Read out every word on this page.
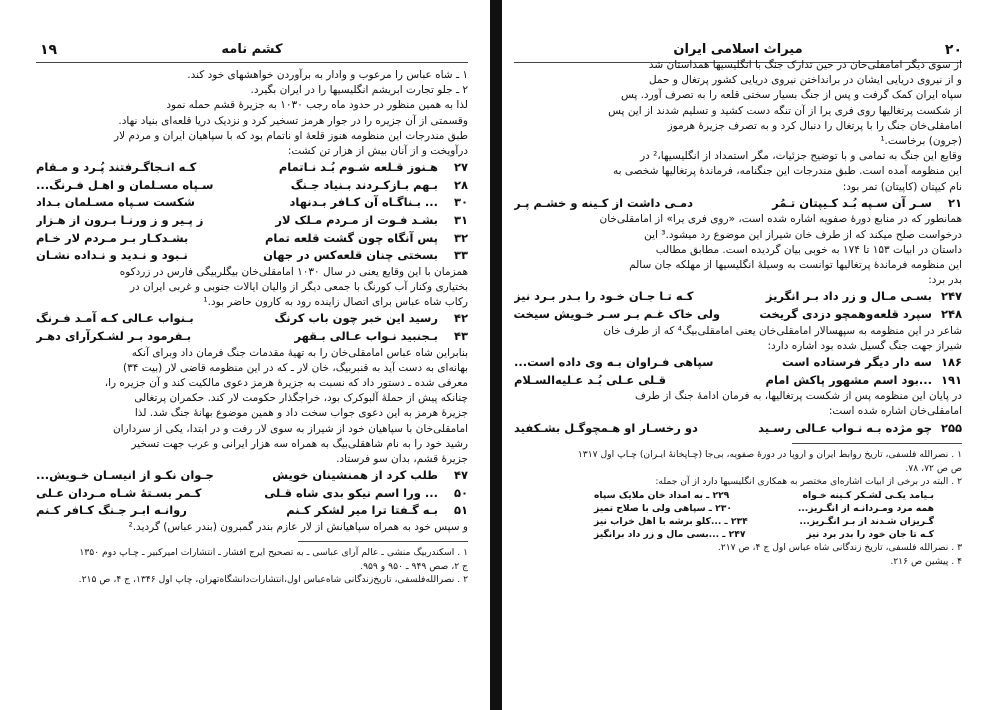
۱۹	کشم نامه

۱ ـ شاه عباس را مرعوب و وادار به برآوردن خواهشهای خود کند.

۲ ـ جلو تجارت ابریشم انگلیسیها را در ایران بگیرد.

لذا به همین منظور در حدود ماه رجب ۱۰۳۰ به جزیرهٔ قشم حمله نمود

وقسمتی از آن جزیره را در جوار هرمز تسخیر کرد و نزدیک دریا قلعه‌ای بنیاد نهاد.

طبق مندرجات این منظومه هنوز قلعهٔ او ناتمام بود که با سپاهیان ایران و مردم لار

درآویخت و از آنان بیش از هزار تن کشت:

۲۷هـنوز قـلعه شـوم بُـد نـاتمام
کـه انـجاگـرفتند پُـرد و مـقام
۲۸بـهم بـازکـردند بـنیاد جـنگ
سـپاه مسـلمان و اهـل فـرنگ...
۳۰... بـناگـاه آن کـافر بـدنهاد
شکست سـپاه مسـلمان بـداد
۳۱بشـد فـوت از مـردم مـلک لار
ز پـیر و ز ورنـا بـرون از هـزار
۳۲پس آنگاه چون گشت قلعه تمام
بشـدکـار بـر مـردم لار خـام
۳۳بسختی چنان قلعه‌کس در جهان
نـبود و نـدید و نـداده نشـان

همزمان با این وقایع یعنی در سال ۱۰۳۰ امامقلی‌خان بیگلربیگی فارس در زردکوه

بختیاری وکنار آب کورنگ با جمعی دیگر از والیان ایالات جنوبی و غربی ایران در

رکاب شاه عباس برای اتصال زاینده رود به کارون حاضر بود.¹

۴۲رسید این خبر چون باب کرنگ
بـنواب عـالی کـه آمـد فـرنگ
۴۳بـجنبید نـواب عـالی بـقهر
بـفرمود بـر لشـکرآرای دهـر

بنابراین شاه عباس امامقلی‌خان را به تهیهٔ مقدمات جنگ فرمان داد وبرای آنکه

بهانه‌ای به دست آید به قنبربیگ، خان لار ـ که در این منظومه قاضی لار (بیت ۳۴)

معرفی شده ـ دستور داد که نسبت به جزیرهٔ هرمز دعوی مالکیت کند و آن جزیره را،

چنانکه پیش از حملهٔ آلبوکرک بود، خراجگذار حکومت لار کند. حکمران پرتغالی

جزیرهٔ هرمز به این دعوی جواب سخت داد و همین موضوع بهانهٔ جنگ شد. لذا

امامقلی‌خان با سپاهیان خود از شیراز به سوی لار رفت و در ابتدا، یکی از سرداران

رشید خود را به نام شاهقلی‌بیگ به همراه سه هزار ایرانی و عرب جهت تسخیر

جزیرهٔ قشم، بدان سو فرستاد.

۴۷طلب کرد از همنشینان خویش
جـوان نکـو از انیسـان خـویش...
۵۰... ورا اسم نیکو بدی شاه قـلی
کـمر بسـتهٔ شـاه مـردان عـلی
۵۱بـه گـفتا ترا میر لشکر کـنم
روانـه ابـر جـنگ کـافر کـنم

و سپس خود به همراه سپاهیانش از لار عازم بندر گمبرون (بندر عباس) گردید.²

۱ . اسکندربیگ منشی ـ عالم آرای عباسی ـ به تصحیح ایرج افشار ـ انتشارات امیرکبیر ـ چـاپ دوم ۱۳۵۰

ج ۲، صص ۹۴۹ ـ ۹۵۰ و ۹۵۹.

۲ . نصرالله‌فلسفی، تاریخ‌زندگانی شاه‌عباس اول،انتشارات‌دانشگاه‌تهران، چاپ اول ۱۳۴۶، ج ۴، ص ۲۱۵.

۲۰
میراث اسلامی ایران

از سوی دیگر امامقلی‌خان در حین تدارک جنگ با انگلیسیها همداستان شد

و از نیروی دریایی ایشان در برانداختن نیروی دریایی کشور پرتغال و حمل

سپاه ایران کمک گرفت و پس از جنگ بسیار سختی قلعه را به تصرف آورد. پس

از شکست پرتغالیها روی فری یرا از آن تنگه دست کشید و تسلیم شدند از این پس

امامقلی‌خان جنگ را با پرتغال را دنبال کرد و به تصرف جزیرهٔ هرموز

(جرون) برخاست.¹

وقایع این جنگ به تمامی و با توضیح جزئیات، مگر استمداد از انگلیسیها،² در

این منظومه آمده است. طبق مندرجات این جنگنامه، فرماندهٔ پرتغالیها شخصی به

نام کیپتان (کاپیتان) تمر بود:

۲۱سـر آن سـپه بُـد کـیپتان تـمُر
دمـی داشت از کـینه و خشـم پـر

همانطور که در منابع دورهٔ صفویه اشاره شده است، «روی فری یرا» از امامقلی‌خان

درخواست صلح میکند که از طرف خان شیراز این موضوع رد میشود.³ این

داستان در ابیات ۱۵۳ تا ۱۷۴ به خوبی بیان گردیده است. مطابق مطالب

این منظومه فرماندهٔ پرتغالیها توانست به وسیلهٔ انگلیسیها از مهلکه جان سالم

بدر برد:

۲۴۷بسـی مـال و زر داد بـر انگریز
کـه تـا جـان خـود را بـدر بـرد نیز
۲۴۸سپرد قلعه‌وهمچو دزدی گریخت
ولی خاک غـم بـر سـر خـویش سیخت

شاعر در این منظومه به سپهسالار امامقلی‌خان یعنی امامقلی‌بیگ⁴ که از طرف خان

شیراز جهت جنگ گسیل شده بود اشاره دارد:

۱۸۶سه دار دیگر فرستاده است
سپاهی فـراوان بـه وی داده است...
۱۹۱...بود اسم مشهور پاکش امام
قـلی عـلی بُـد عـلیه‌السـلام

در پایان این منظومه پس از شکست پرتغالیها، به فرمان ادامهٔ جنگ از طرف

امامقلی‌خان اشاره شده است:

۲۵۵چو مژده بـه نـواب عـالی رسـید
دو رخسـار او هـمچوگـل بشـکفید

۱ . نصرالله فلسفی، تاریخ روابط ایران و اروپا در دورهٔ صفویه، بی‌جا (چـاپخانهٔ ایـران) چـاپ اول ۱۳۱۷

ص ص ۷۲، ۷۸.

۲ . البته در برخی از ابیات اشاره‌ای مختصر به همکاری انگلیسیها دارد از آن جمله:

بـیامد یکـی لشـکر کـینه خـواه
۲۲۹ ـ به امداد خان ملایک سپاه
همه مرد ومـردانـه از انگـریز...
۲۳۰ ـ سپاهی ولی با صلاح تمیز
گـریزان شـدند از بـر انگـریز...
۲۳۴ ـ ...کلو برشه با اهل خراب نیز
کـه تا جان خود را بدر برد نیز
۲۴۷ ـ ...بسی مال و زر داد برانگیز

۳ . نصرالله فلسفی، تاریخ زندگانی شاه عباس اول ج ۴، ص ۲۱۷.

۴ . پیشین ص ۲۱۶.
